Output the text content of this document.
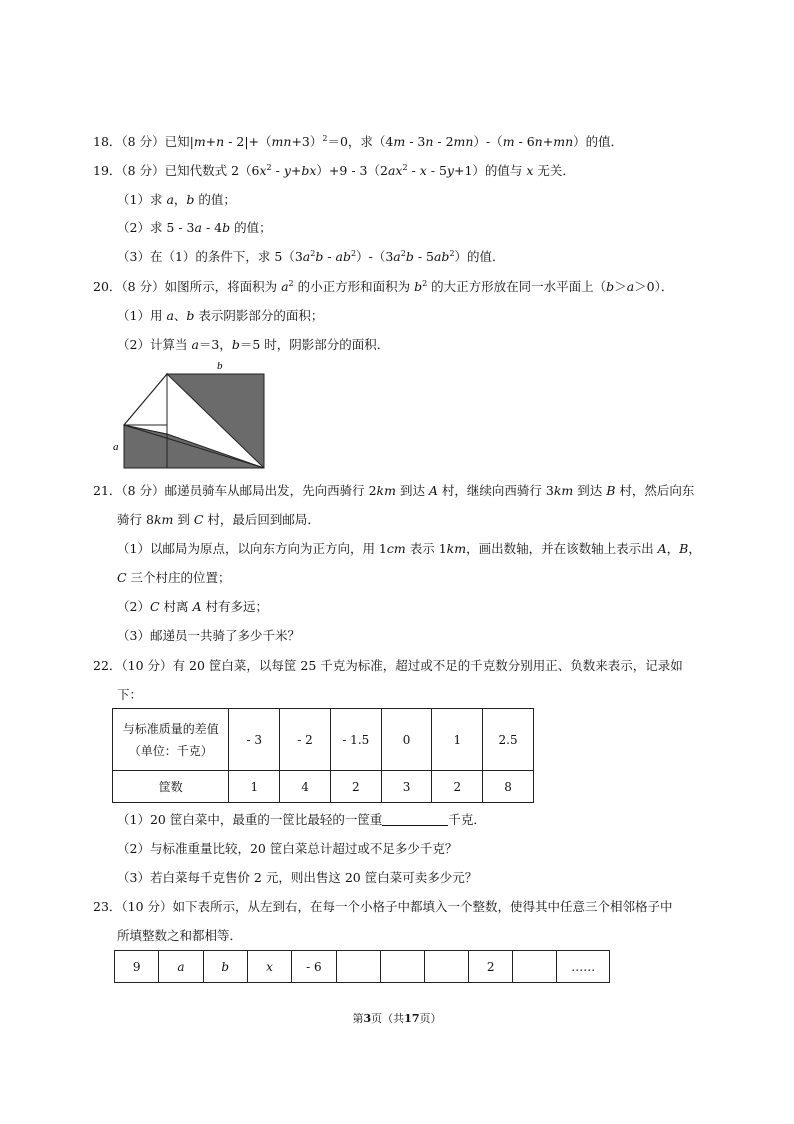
18．（8 分）已知|m+n ‑ $2|+(mn+3)^2=0$，求（4m ‑ 3n ‑ 2mn）‑（m ‑ 6n+mn）的值．
19．（8 分）已知代数式 $2(6x^2$ ‑ y+bx）+9 ‑ $3(2ax^2$ ‑ x ‑ 5y+1）的值与 x 无关．
（1）求 a，b 的值；
（2）求 5 ‑ 3a ‑ 4b 的值；
（3）在（1）的条件下，求 $5(3a^2b$ ‑ $ab^2)‑(3a^2b$ ‑ $5ab^2$）的值．
20．（8 分）如图所示，将面积为 $a^2$ 的小正方形和面积为 $b^2$ 的大正方形放在同一水平面上（b＞a＞0）．
（1）用 a、b 表示阴影部分的面积；
（2）计算当 a＝3，b＝5 时，阴影部分的面积．
b
a
21．（8 分）邮递员骑车从邮局出发，先向西骑行 2km 到达 A 村，继续向西骑行 3km 到达 B 村，然后向东
骑行 8km 到 C 村，最后回到邮局．
（1）以邮局为原点，以向东方向为正方向，用 1cm 表示 1km，画出数轴，并在该数轴上表示出 A，B，
C 三个村庄的位置；
（2）C 村离 A 村有多远；
（3）邮递员一共骑了多少千米？
22．（10 分）有 20 筐白菜，以每筐 25 千克为标准，超过或不足的千克数分别用正、负数来表示，记录如
下：
与标准质量的差值
（单位：千克）	‑ 3	‑ 2	‑ 1.5	0	1	2.5
筐数	1	4	2	3	2	8
（1）20 筐白菜中，最重的一筐比最轻的一筐重	千克．
（2）与标准重量比较，20 筐白菜总计超过或不足多少千克？
（3）若白菜每千克售价 2 元，则出售这 20 筐白菜可卖多少元？
23．（10 分）如下表所示，从左到右，在每一个小格子中都填入一个整数，使得其中任意三个相邻格子中
所填整数之和都相等．
9	a	b	x	‑ 6				2		……
第3页（共17页）
